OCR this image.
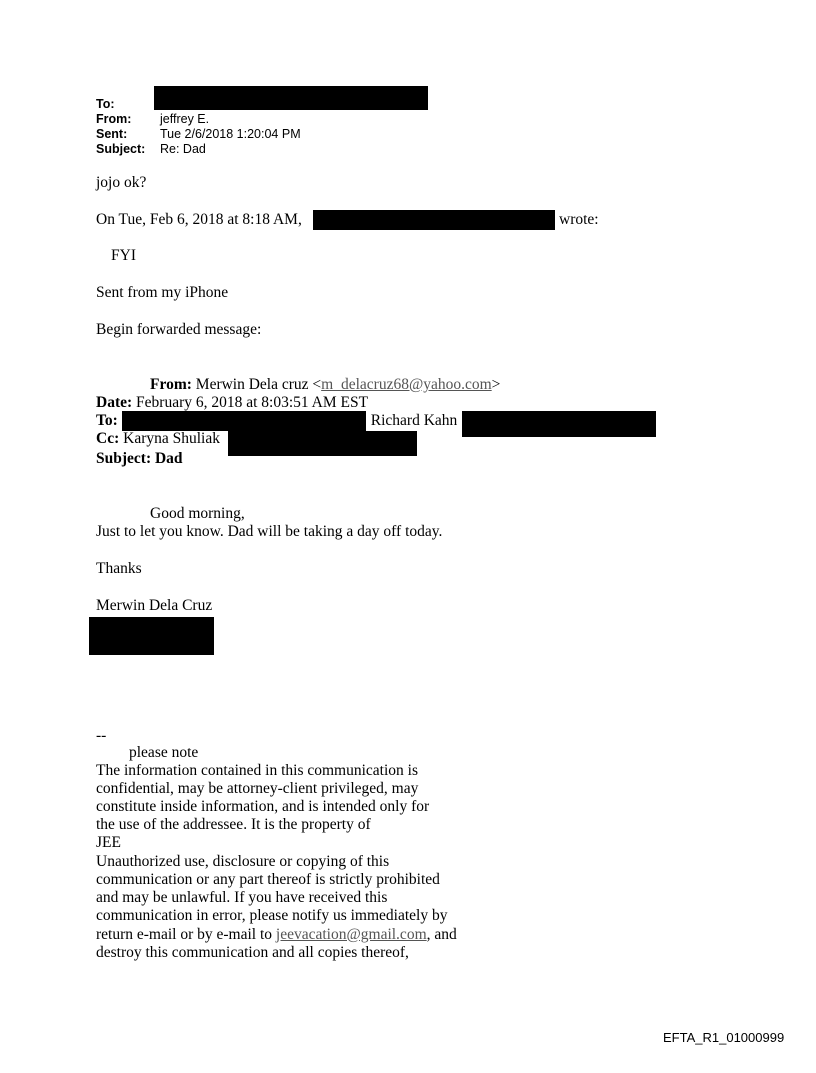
To:
From: jeffrey E.
Sent:	Tue 2/6/2018 1:20:04 PM
Subject: Re: Dad
jojo ok?
On Tue, Feb 6, 2018 at 8:18 AM,	wrote:
FYI
Sent from my iPhone
Begin forwarded message:
From: Merwin Dela cruz <m_delacruz68@yahoo.com>
Date: February 6, 2018 at 8:03:51 AM EST
To:	, Richard Kahn
Cc: Karyna Shuliak
Subject: Dad
Good morning,
Just to let you know. Dad will be taking a day off today.
Thanks
Merwin Dela Cruz
--
please note
The information contained in this communication is
confidential, may be attorney-client privileged, may
constitute inside information, and is intended only for
the use of the addressee. It is the property of
JEE
Unauthorized use, disclosure or copying of this
communication or any part thereof is strictly prohibited
and may be unlawful. If you have received this
communication in error, please notify us immediately by
return e-mail or by e-mail to jeevacation@gmail.com, and
destroy this communication and all copies thereof,
EFTA_R1_01000999
